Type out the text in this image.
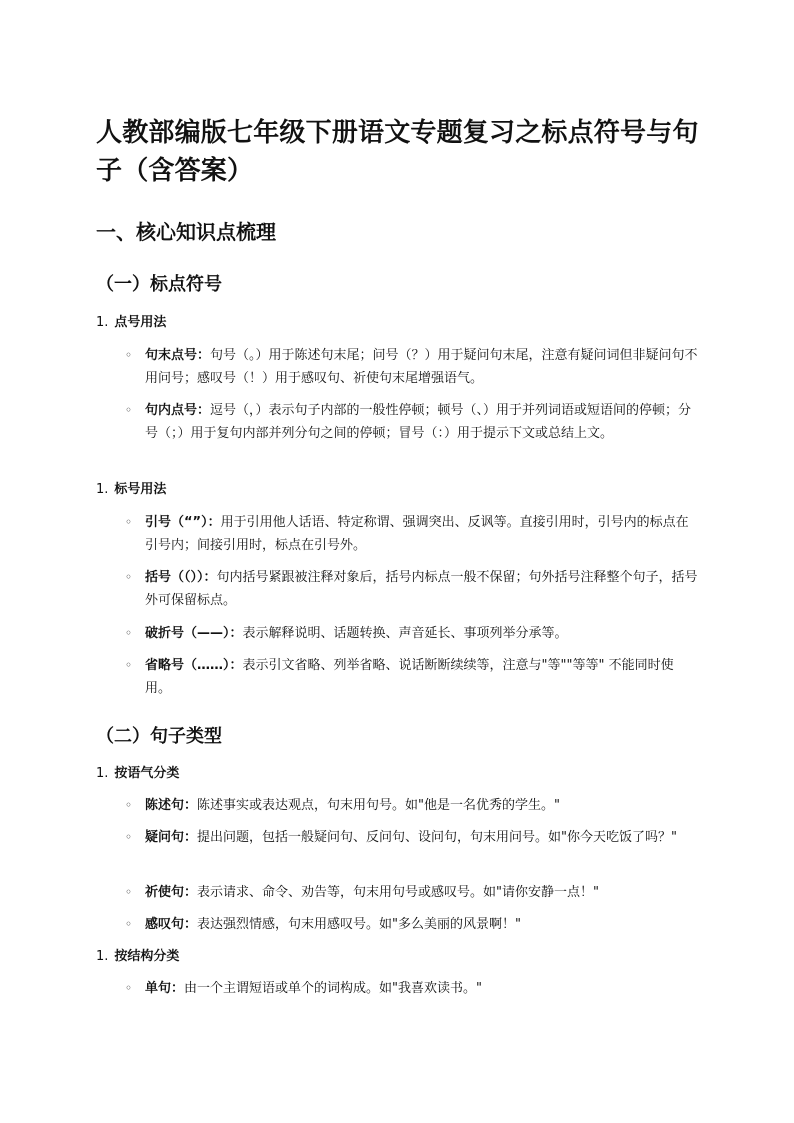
人教部编版七年级下册语文专题复习之标点符号与句子（含答案）
一、核心知识点梳理
（一）标点符号

1. 点号用法

◦ 句末点号：句号（。）用于陈述句末尾；问号（？）用于疑问句末尾，注意有疑问词但非疑问句不用问号；感叹号（！）用于感叹句、祈使句末尾增强语气。
◦ 句内点号：逗号（，）表示句子内部的一般性停顿；顿号（、）用于并列词语或短语间的停顿；分号（；）用于复句内部并列分句之间的停顿；冒号（：）用于提示下文或总结上文。

1. 标号用法

◦ 引号（“”）：用于引用他人话语、特定称谓、强调突出、反讽等。直接引用时，引号内的标点在引号内；间接引用时，标点在引号外。
◦ 括号（（））：句内括号紧跟被注释对象后，括号内标点一般不保留；句外括号注释整个句子，括号外可保留标点。
◦ 破折号（——）：表示解释说明、话题转换、声音延长、事项列举分承等。
◦ 省略号（……）：表示引文省略、列举省略、说话断断续续等，注意与"等""等等" 不能同时使用。
（二）句子类型

1. 按语气分类

◦ 陈述句：陈述事实或表达观点，句末用句号。如"他是一名优秀的学生。"
◦ 疑问句：提出问题，包括一般疑问句、反问句、设问句，句末用问号。如"你今天吃饭了吗？"
◦ 祈使句：表示请求、命令、劝告等，句末用句号或感叹号。如"请你安静一点！"
◦ 感叹句：表达强烈情感，句末用感叹号。如"多么美丽的风景啊！"

1. 按结构分类

◦ 单句：由一个主谓短语或单个的词构成。如"我喜欢读书。"
